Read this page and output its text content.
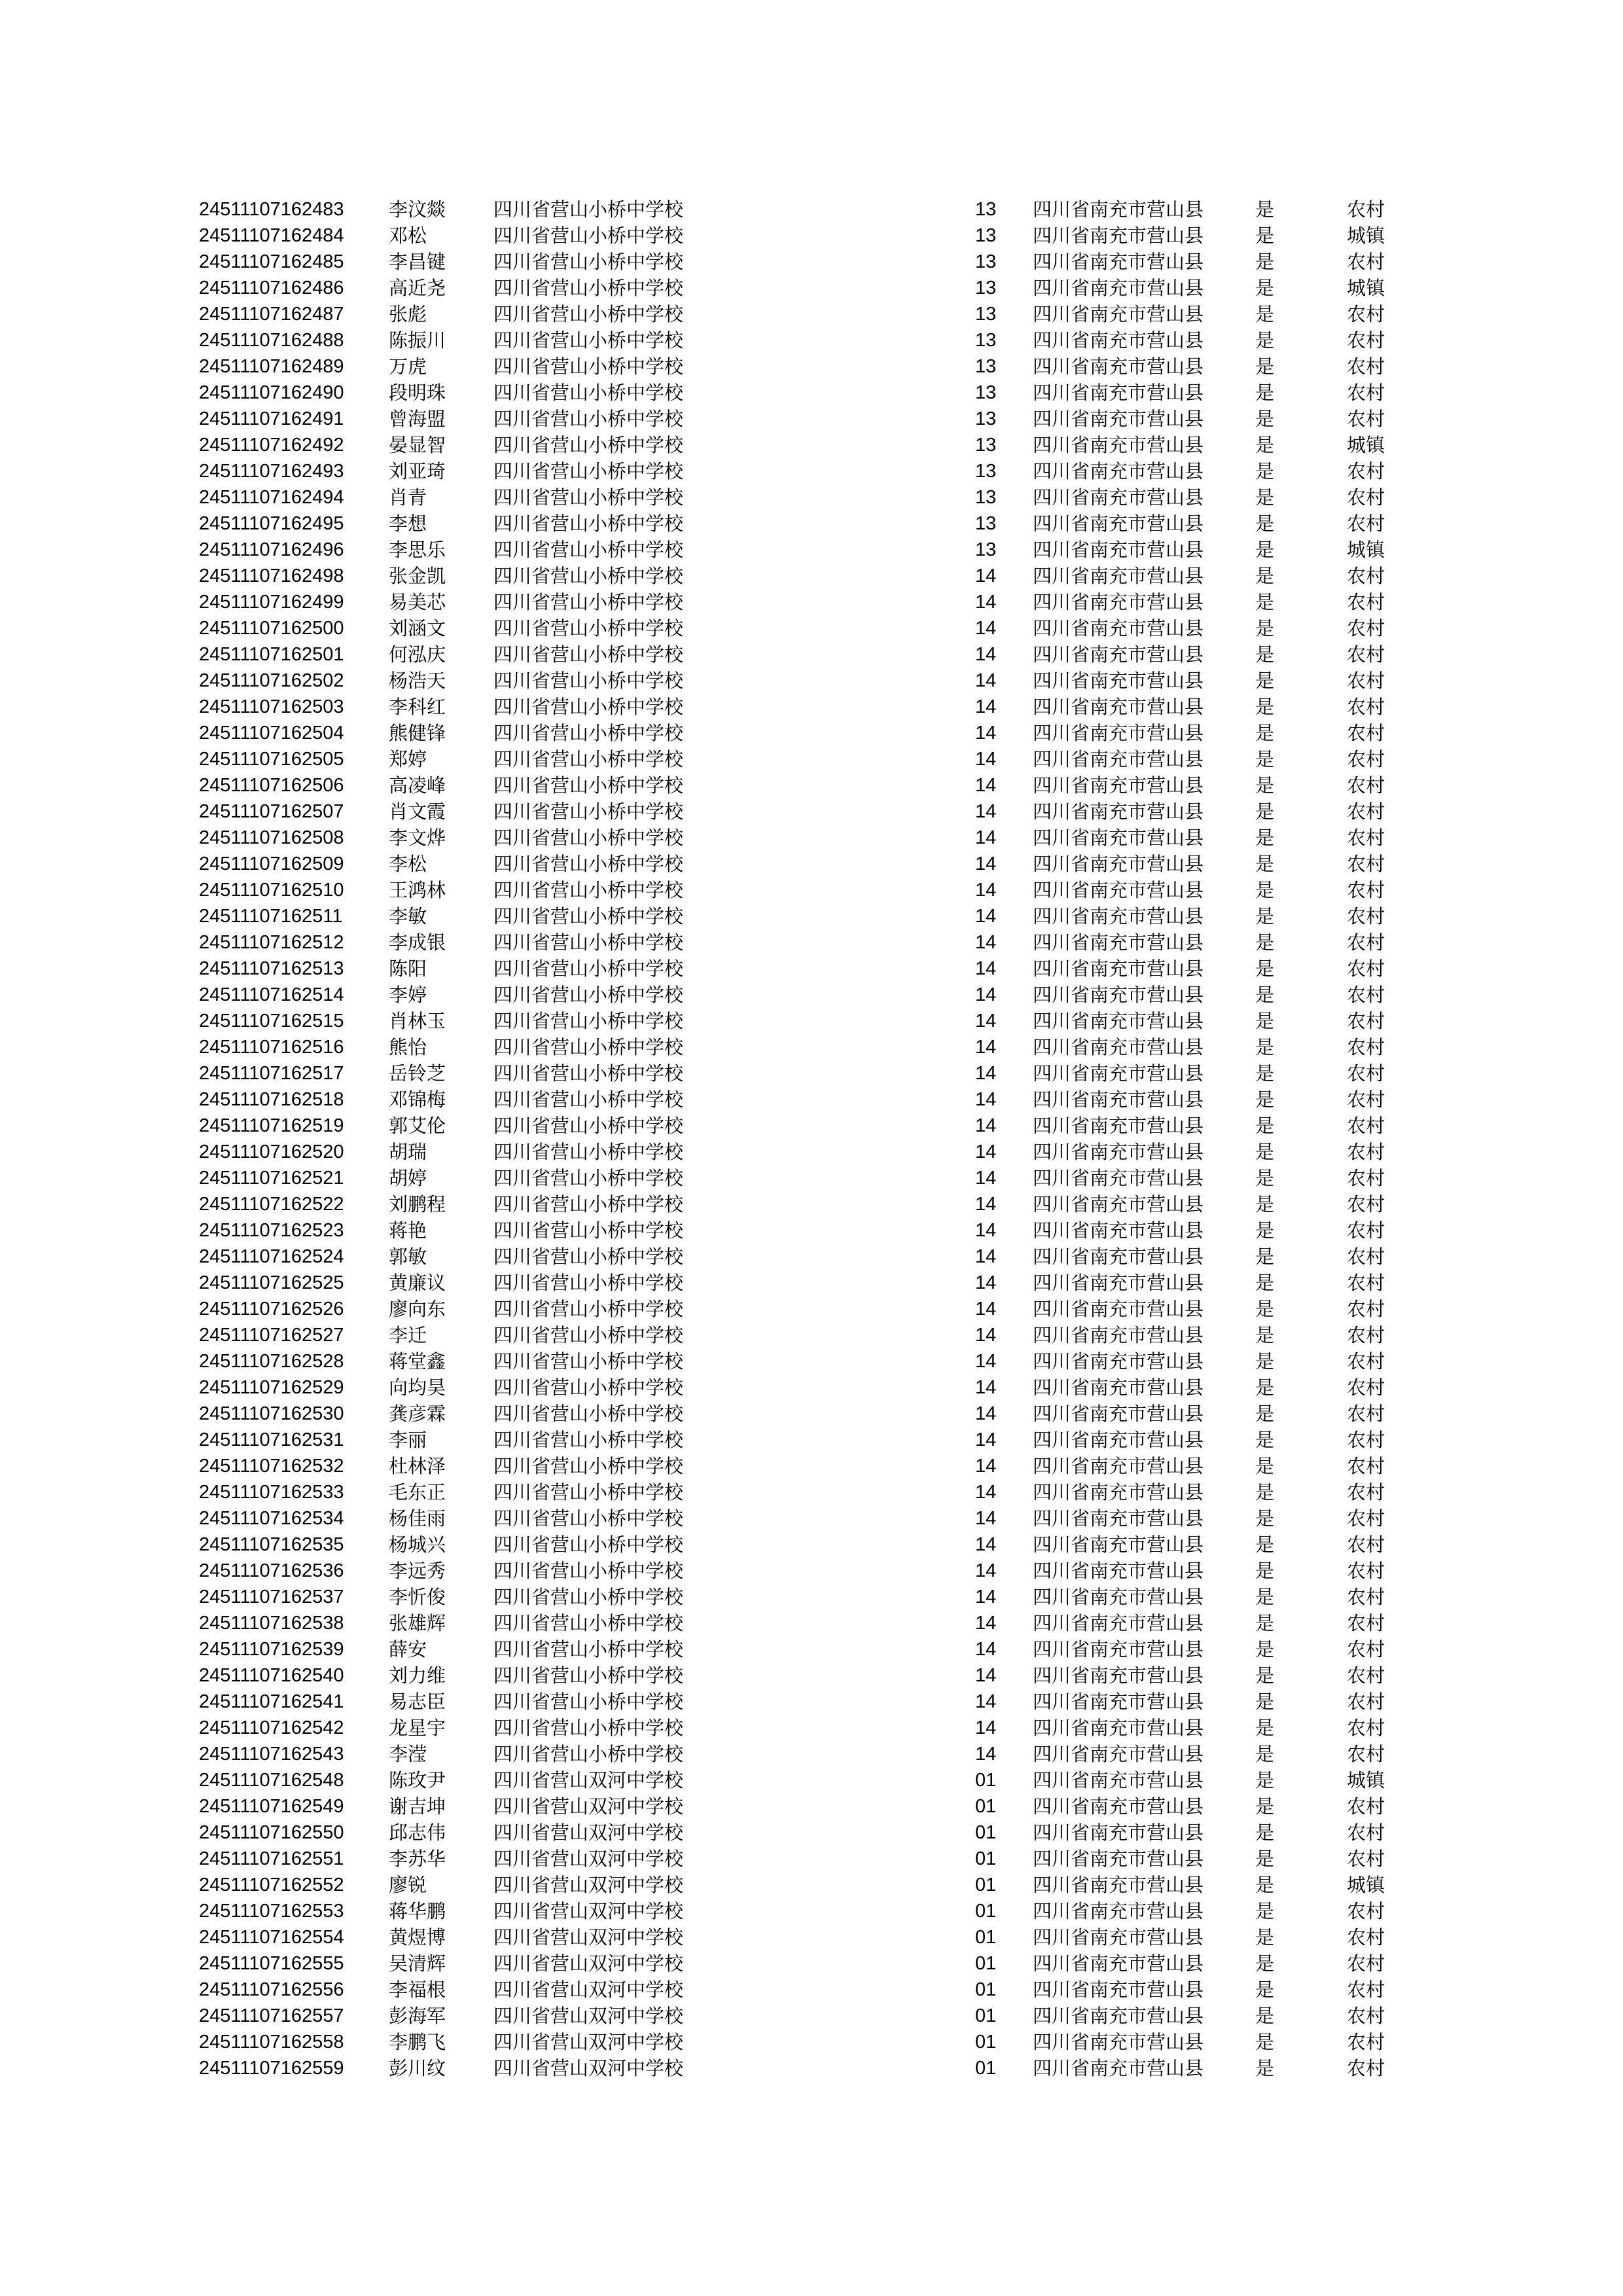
24511107162483 李汶燚	四川省营山小桥中学校	13 四川省南充市营山县	是	农村
24511107162484 邓松	四川省营山小桥中学校	13 四川省南充市营山县	是	城镇
24511107162485 李昌键	四川省营山小桥中学校	13 四川省南充市营山县	是	农村
24511107162486 高近尧	四川省营山小桥中学校	13 四川省南充市营山县	是	城镇
24511107162487 张彪	四川省营山小桥中学校	13 四川省南充市营山县	是	农村
24511107162488 陈振川	四川省营山小桥中学校	13 四川省南充市营山县	是	农村
24511107162489 万虎	四川省营山小桥中学校	13 四川省南充市营山县	是	农村
24511107162490 段明珠	四川省营山小桥中学校	13 四川省南充市营山县	是	农村
24511107162491 曾海盟	四川省营山小桥中学校	13 四川省南充市营山县	是	农村
24511107162492 晏显智	四川省营山小桥中学校	13 四川省南充市营山县	是	城镇
24511107162493 刘亚琦	四川省营山小桥中学校	13 四川省南充市营山县	是	农村
24511107162494 肖青	四川省营山小桥中学校	13 四川省南充市营山县	是	农村
24511107162495 李想	四川省营山小桥中学校	13 四川省南充市营山县	是	农村
24511107162496 李思乐	四川省营山小桥中学校	13 四川省南充市营山县	是	城镇
24511107162498 张金凯	四川省营山小桥中学校	14 四川省南充市营山县	是	农村
24511107162499 易美芯	四川省营山小桥中学校	14 四川省南充市营山县	是	农村
24511107162500 刘涵文	四川省营山小桥中学校	14 四川省南充市营山县	是	农村
24511107162501 何泓庆	四川省营山小桥中学校	14 四川省南充市营山县	是	农村
24511107162502 杨浩天	四川省营山小桥中学校	14 四川省南充市营山县	是	农村
24511107162503 李科红	四川省营山小桥中学校	14 四川省南充市营山县	是	农村
24511107162504 熊健锋	四川省营山小桥中学校	14 四川省南充市营山县	是	农村
24511107162505 郑婷	四川省营山小桥中学校	14 四川省南充市营山县	是	农村
24511107162506 高凌峰	四川省营山小桥中学校	14 四川省南充市营山县	是	农村
24511107162507 肖文霞	四川省营山小桥中学校	14 四川省南充市营山县	是	农村
24511107162508 李文烨	四川省营山小桥中学校	14 四川省南充市营山县	是	农村
24511107162509 李松	四川省营山小桥中学校	14 四川省南充市营山县	是	农村
24511107162510 王鸿林	四川省营山小桥中学校	14 四川省南充市营山县	是	农村
24511107162511 李敏	四川省营山小桥中学校	14 四川省南充市营山县	是	农村
24511107162512 李成银	四川省营山小桥中学校	14 四川省南充市营山县	是	农村
24511107162513 陈阳	四川省营山小桥中学校	14 四川省南充市营山县	是	农村
24511107162514 李婷	四川省营山小桥中学校	14 四川省南充市营山县	是	农村
24511107162515 肖林玉	四川省营山小桥中学校	14 四川省南充市营山县	是	农村
24511107162516 熊怡	四川省营山小桥中学校	14 四川省南充市营山县	是	农村
24511107162517 岳铃芝	四川省营山小桥中学校	14 四川省南充市营山县	是	农村
24511107162518 邓锦梅	四川省营山小桥中学校	14 四川省南充市营山县	是	农村
24511107162519 郭艾伦	四川省营山小桥中学校	14 四川省南充市营山县	是	农村
24511107162520 胡瑞	四川省营山小桥中学校	14 四川省南充市营山县	是	农村
24511107162521 胡婷	四川省营山小桥中学校	14 四川省南充市营山县	是	农村
24511107162522 刘鹏程	四川省营山小桥中学校	14 四川省南充市营山县	是	农村
24511107162523 蒋艳	四川省营山小桥中学校	14 四川省南充市营山县	是	农村
24511107162524 郭敏	四川省营山小桥中学校	14 四川省南充市营山县	是	农村
24511107162525 黄廉议	四川省营山小桥中学校	14 四川省南充市营山县	是	农村
24511107162526 廖向东	四川省营山小桥中学校	14 四川省南充市营山县	是	农村
24511107162527 李迁	四川省营山小桥中学校	14 四川省南充市营山县	是	农村
24511107162528 蒋堂鑫	四川省营山小桥中学校	14 四川省南充市营山县	是	农村
24511107162529 向均昊	四川省营山小桥中学校	14 四川省南充市营山县	是	农村
24511107162530 龚彦霖	四川省营山小桥中学校	14 四川省南充市营山县	是	农村
24511107162531 李丽	四川省营山小桥中学校	14 四川省南充市营山县	是	农村
24511107162532 杜林泽	四川省营山小桥中学校	14 四川省南充市营山县	是	农村
24511107162533 毛东正	四川省营山小桥中学校	14 四川省南充市营山县	是	农村
24511107162534 杨佳雨	四川省营山小桥中学校	14 四川省南充市营山县	是	农村
24511107162535 杨城兴	四川省营山小桥中学校	14 四川省南充市营山县	是	农村
24511107162536 李远秀	四川省营山小桥中学校	14 四川省南充市营山县	是	农村
24511107162537 李忻俊	四川省营山小桥中学校	14 四川省南充市营山县	是	农村
24511107162538 张雄辉	四川省营山小桥中学校	14 四川省南充市营山县	是	农村
24511107162539 薛安	四川省营山小桥中学校	14 四川省南充市营山县	是	农村
24511107162540 刘力维	四川省营山小桥中学校	14 四川省南充市营山县	是	农村
24511107162541 易志臣	四川省营山小桥中学校	14 四川省南充市营山县	是	农村
24511107162542 龙星宇	四川省营山小桥中学校	14 四川省南充市营山县	是	农村
24511107162543 李滢	四川省营山小桥中学校	14 四川省南充市营山县	是	农村
24511107162548 陈玫尹	四川省营山双河中学校	01 四川省南充市营山县	是	城镇
24511107162549 谢吉坤	四川省营山双河中学校	01 四川省南充市营山县	是	农村
24511107162550 邱志伟	四川省营山双河中学校	01 四川省南充市营山县	是	农村
24511107162551 李苏华	四川省营山双河中学校	01 四川省南充市营山县	是	农村
24511107162552 廖锐	四川省营山双河中学校	01 四川省南充市营山县	是	城镇
24511107162553 蒋华鹏	四川省营山双河中学校	01 四川省南充市营山县	是	农村
24511107162554 黄煜博	四川省营山双河中学校	01 四川省南充市营山县	是	农村
24511107162555 吴清辉	四川省营山双河中学校	01 四川省南充市营山县	是	农村
24511107162556 李福根	四川省营山双河中学校	01 四川省南充市营山县	是	农村
24511107162557 彭海军	四川省营山双河中学校	01 四川省南充市营山县	是	农村
24511107162558 李鹏飞	四川省营山双河中学校	01 四川省南充市营山县	是	农村
24511107162559 彭川纹	四川省营山双河中学校	01 四川省南充市营山县	是	农村
